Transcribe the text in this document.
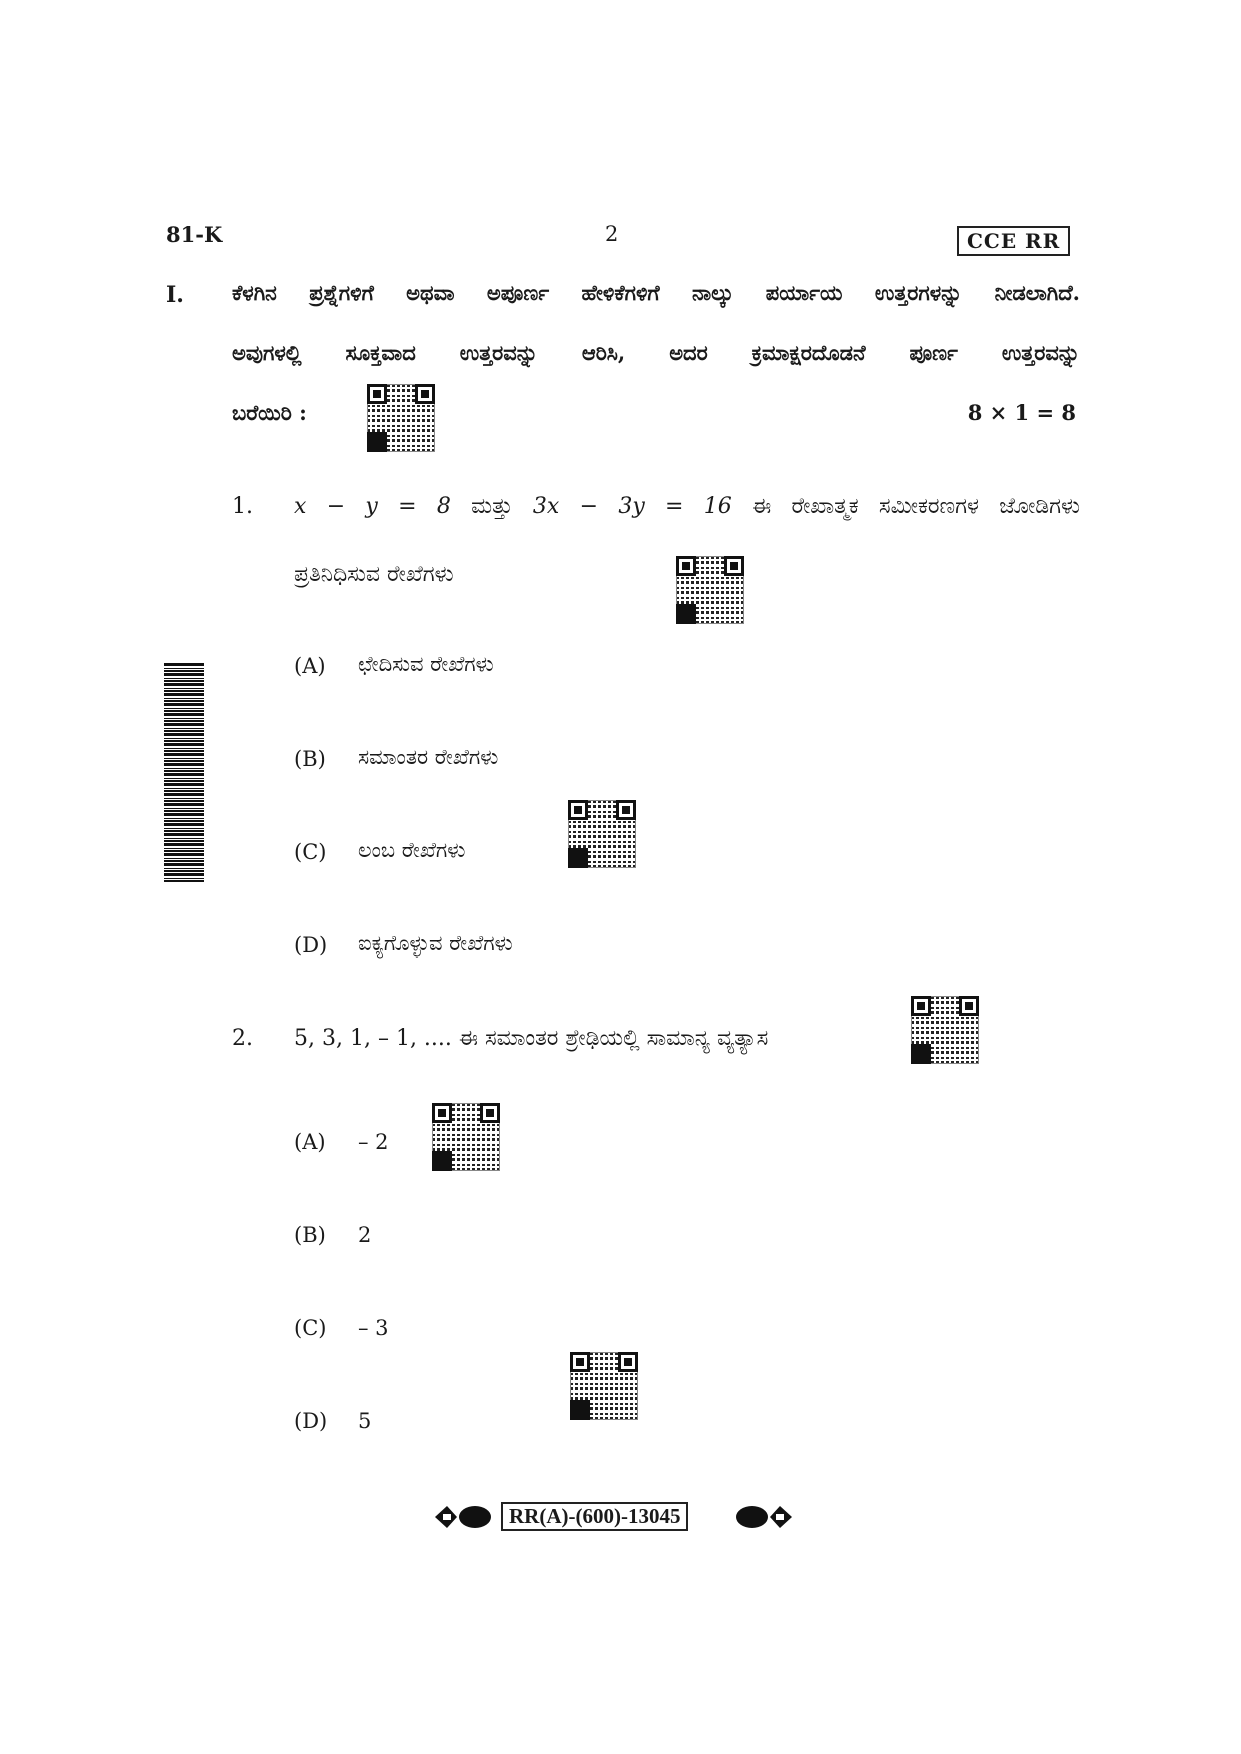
81-K	2	CCE RR
I. ಕೆಳಗಿನ ಪ್ರಶ್ನೆಗಳಿಗೆ ಅಥವಾ ಅಪೂರ್ಣ ಹೇಳಿಕೆಗಳಿಗೆ ನಾಲ್ಕು ಪರ್ಯಾಯ ಉತ್ತರಗಳನ್ನು ನೀಡಲಾಗಿದೆ.
ಅವುಗಳಲ್ಲಿ ಸೂಕ್ತವಾದ ಉತ್ತರವನ್ನು ಆರಿಸಿ, ಅದರ ಕ್ರಮಾಕ್ಷರದೊಡನೆ ಪೂರ್ಣ ಉತ್ತರವನ್ನು
ಬರೆಯಿರಿ :	8 × 1 = 8
1. x − y = 8 ಮತ್ತು 3x − 3y = 16 ಈ ರೇಖಾತ್ಮಕ ಸಮೀಕರಣಗಳ ಜೋಡಿಗಳು
ಪ್ರತಿನಿಧಿಸುವ ರೇಖೆಗಳು
(A) ಛೇದಿಸುವ ರೇಖೆಗಳು
(B) ಸಮಾಂತರ ರೇಖೆಗಳು
(C) ಲಂಬ ರೇಖೆಗಳು
(D) ಐಕ್ಯಗೊಳ್ಳುವ ರೇಖೆಗಳು
2. 5, 3, 1, – 1, .... ಈ ಸಮಾಂತರ ಶ್ರೇಢಿಯಲ್ಲಿ ಸಾಮಾನ್ಯ ವ್ಯತ್ಯಾಸ
(A) – 2
(B) 2
(C) – 3
(D) 5
RR(A)-(600)-13045
